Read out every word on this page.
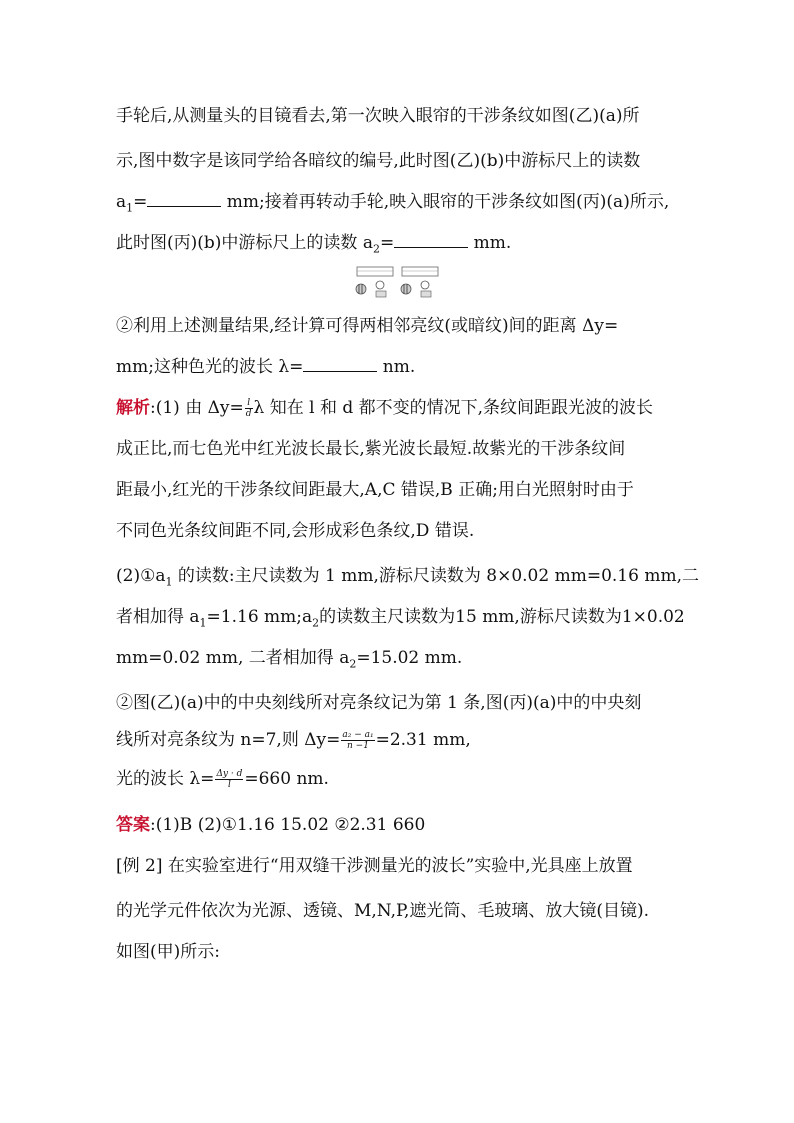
手轮后,从测量头的目镜看去,第一次映入眼帘的干涉条纹如图(乙)(a)所
示,图中数字是该同学给各暗纹的编号,此时图(乙)(b)中游标尺上的读数
$a_1=$	mm;接着再转动手轮,映入眼帘的干涉条纹如图(丙)(a)所示,
此时图(丙)(b)中游标尺上的读数 $a_2=$	mm.
②利用上述测量结果,经计算可得两相邻亮纹(或暗纹)间的距离 Δy=
mm;这种色光的波长 λ=	nm.
解析:(1) 由 $\Delta y= \frac{l}{d}$ λ 知在 l 和 d 都不变的情况下,条纹间距跟光波的波长
成正比,而七色光中红光波长最长,紫光波长最短.故紫光的干涉条纹间
距最小,红光的干涉条纹间距最大,A,C 错误,B 正确;用白光照射时由于
不同色光条纹间距不同,会形成彩色条纹,D 错误.
$(2)①a_1$ 的读数:主尺读数为 1 mm,游标尺读数为 8×0.02 mm=0.16 mm,二
者相加得 $a_1=1.16$ $mm;a_2$的读数主尺读数为15 mm,游标尺读数为1×0.02
mm=0.02 mm, 二者相加得 $a_2=15.02$ mm.
②图(乙)(a)中的中央刻线所对亮条纹记为第 1 条,图(丙)(a)中的中央刻
线所对亮条纹为 n=7,则 $\Delta y= \frac{\text{a₂ − a₁}}{n -1} =2.31$ mm,
光的波长 $\lambda= \frac{\Delta y \cdot d}{l} =660$ nm.
答案:(1)B (2)①1.16 15.02 ②2.31 660
[例 2] 在实验室进行“用双缝干涉测量光的波长”实验中,光具座上放置
的光学元件依次为光源、透镜、M,N,P,遮光筒、毛玻璃、放大镜(目镜).
如图(甲)所示:
